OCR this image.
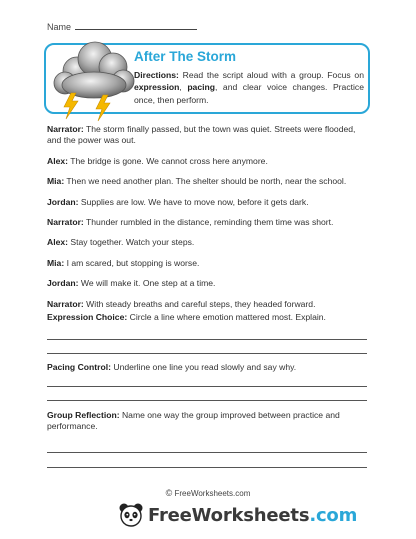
Name
After The Storm
Directions: Read the script aloud with a group. Focus on expression, pacing, and clear voice changes. Practice once, then perform.

Narrator: The storm finally passed, but the town was quiet. Streets were flooded, and the power was out.

Alex: The bridge is gone. We cannot cross here anymore.

Mia: Then we need another plan. The shelter should be north, near the school.

Jordan: Supplies are low. We have to move now, before it gets dark.

Narrator: Thunder rumbled in the distance, reminding them time was short.

Alex: Stay together. Watch your steps.

Mia: I am scared, but stopping is worse.

Jordan: We will make it. One step at a time.

Narrator: With steady breaths and careful steps, they headed forward.

Expression Choice: Circle a line where emotion mattered most. Explain.
Pacing Control: Underline one line you read slowly and say why.
Group Reflection: Name one way the group improved between practice and performance.
© FreeWorksheets.com
FreeWorksheets.com
